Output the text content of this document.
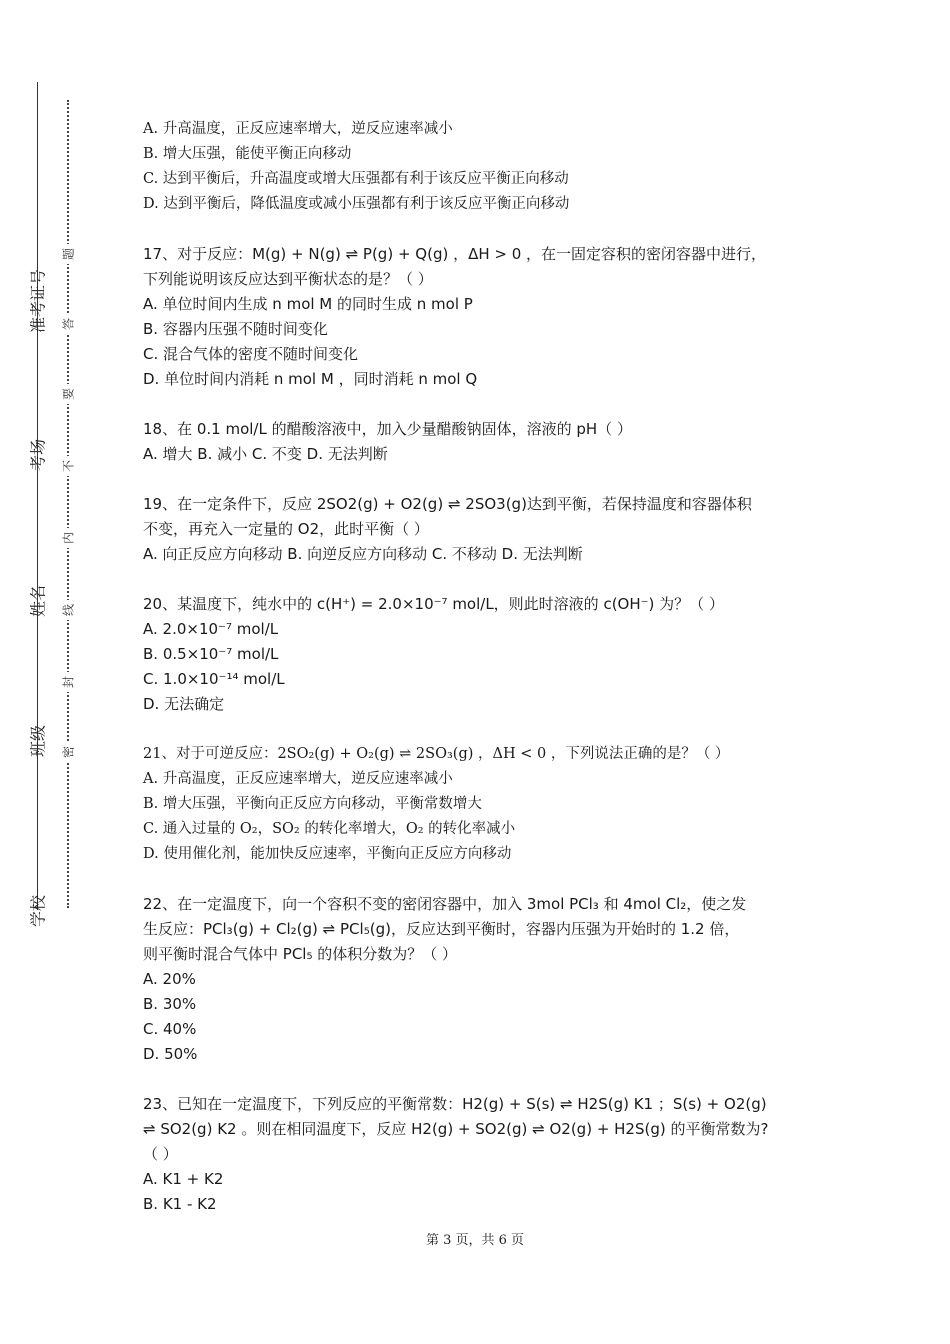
准考证号
考场
姓名
班级
学校
题
答
要
不
内
线
封
密
A. 升高温度，正反应速率增大，逆反应速率减小
B. 增大压强，能使平衡正向移动
C. 达到平衡后，升高温度或增大压强都有利于该反应平衡正向移动
D. 达到平衡后，降低温度或减小压强都有利于该反应平衡正向移动
17、对于反应：M(g) + N(g) ⇌ P(g) + Q(g) ，ΔH > 0 ，在一固定容积的密闭容器中进行，
下列能说明该反应达到平衡状态的是？（ ）
A. 单位时间内生成 n mol M 的同时生成 n mol P
B. 容器内压强不随时间变化
C. 混合气体的密度不随时间变化
D. 单位时间内消耗 n mol M ，同时消耗 n mol Q
18、在 0.1 mol/L 的醋酸溶液中，加入少量醋酸钠固体，溶液的 pH（ ）
A. 增大 B. 减小 C. 不变 D. 无法判断
19、在一定条件下，反应 2SO2(g) + O2(g) ⇌ 2SO3(g)达到平衡，若保持温度和容器体积
不变，再充入一定量的 O2，此时平衡（ ）
A. 向正反应方向移动 B. 向逆反应方向移动 C. 不移动 D. 无法判断
20、某温度下，纯水中的 c(H⁺) = 2.0×10⁻⁷ mol/L，则此时溶液的 c(OH⁻) 为？（ ）
A. 2.0×10⁻⁷ mol/L
B. 0.5×10⁻⁷ mol/L
C. 1.0×10⁻¹⁴ mol/L
D. 无法确定
21、对于可逆反应：2SO₂(g) + O₂(g) ⇌ 2SO₃(g) ，ΔH < 0 ，下列说法正确的是？（ ）
A. 升高温度，正反应速率增大，逆反应速率减小
B. 增大压强，平衡向正反应方向移动，平衡常数增大
C. 通入过量的 O₂，SO₂ 的转化率增大，O₂ 的转化率减小
D. 使用催化剂，能加快反应速率，平衡向正反应方向移动
22、在一定温度下，向一个容积不变的密闭容器中，加入 3mol PCl₃ 和 4mol Cl₂，使之发
生反应：PCl₃(g) + Cl₂(g) ⇌ PCl₅(g)，反应达到平衡时，容器内压强为开始时的 1.2 倍，
则平衡时混合气体中 PCl₅ 的体积分数为？（ ）
A. 20%
B. 30%
C. 40%
D. 50%
23、已知在一定温度下，下列反应的平衡常数：H2(g) + S(s) ⇌ H2S(g) K1 ；S(s) + O2(g)
⇌ SO2(g) K2 。则在相同温度下，反应 H2(g) + SO2(g) ⇌ O2(g) + H2S(g) 的平衡常数为?
（ ）
A. K1 + K2
B. K1 - K2
第 3 页，共 6 页
